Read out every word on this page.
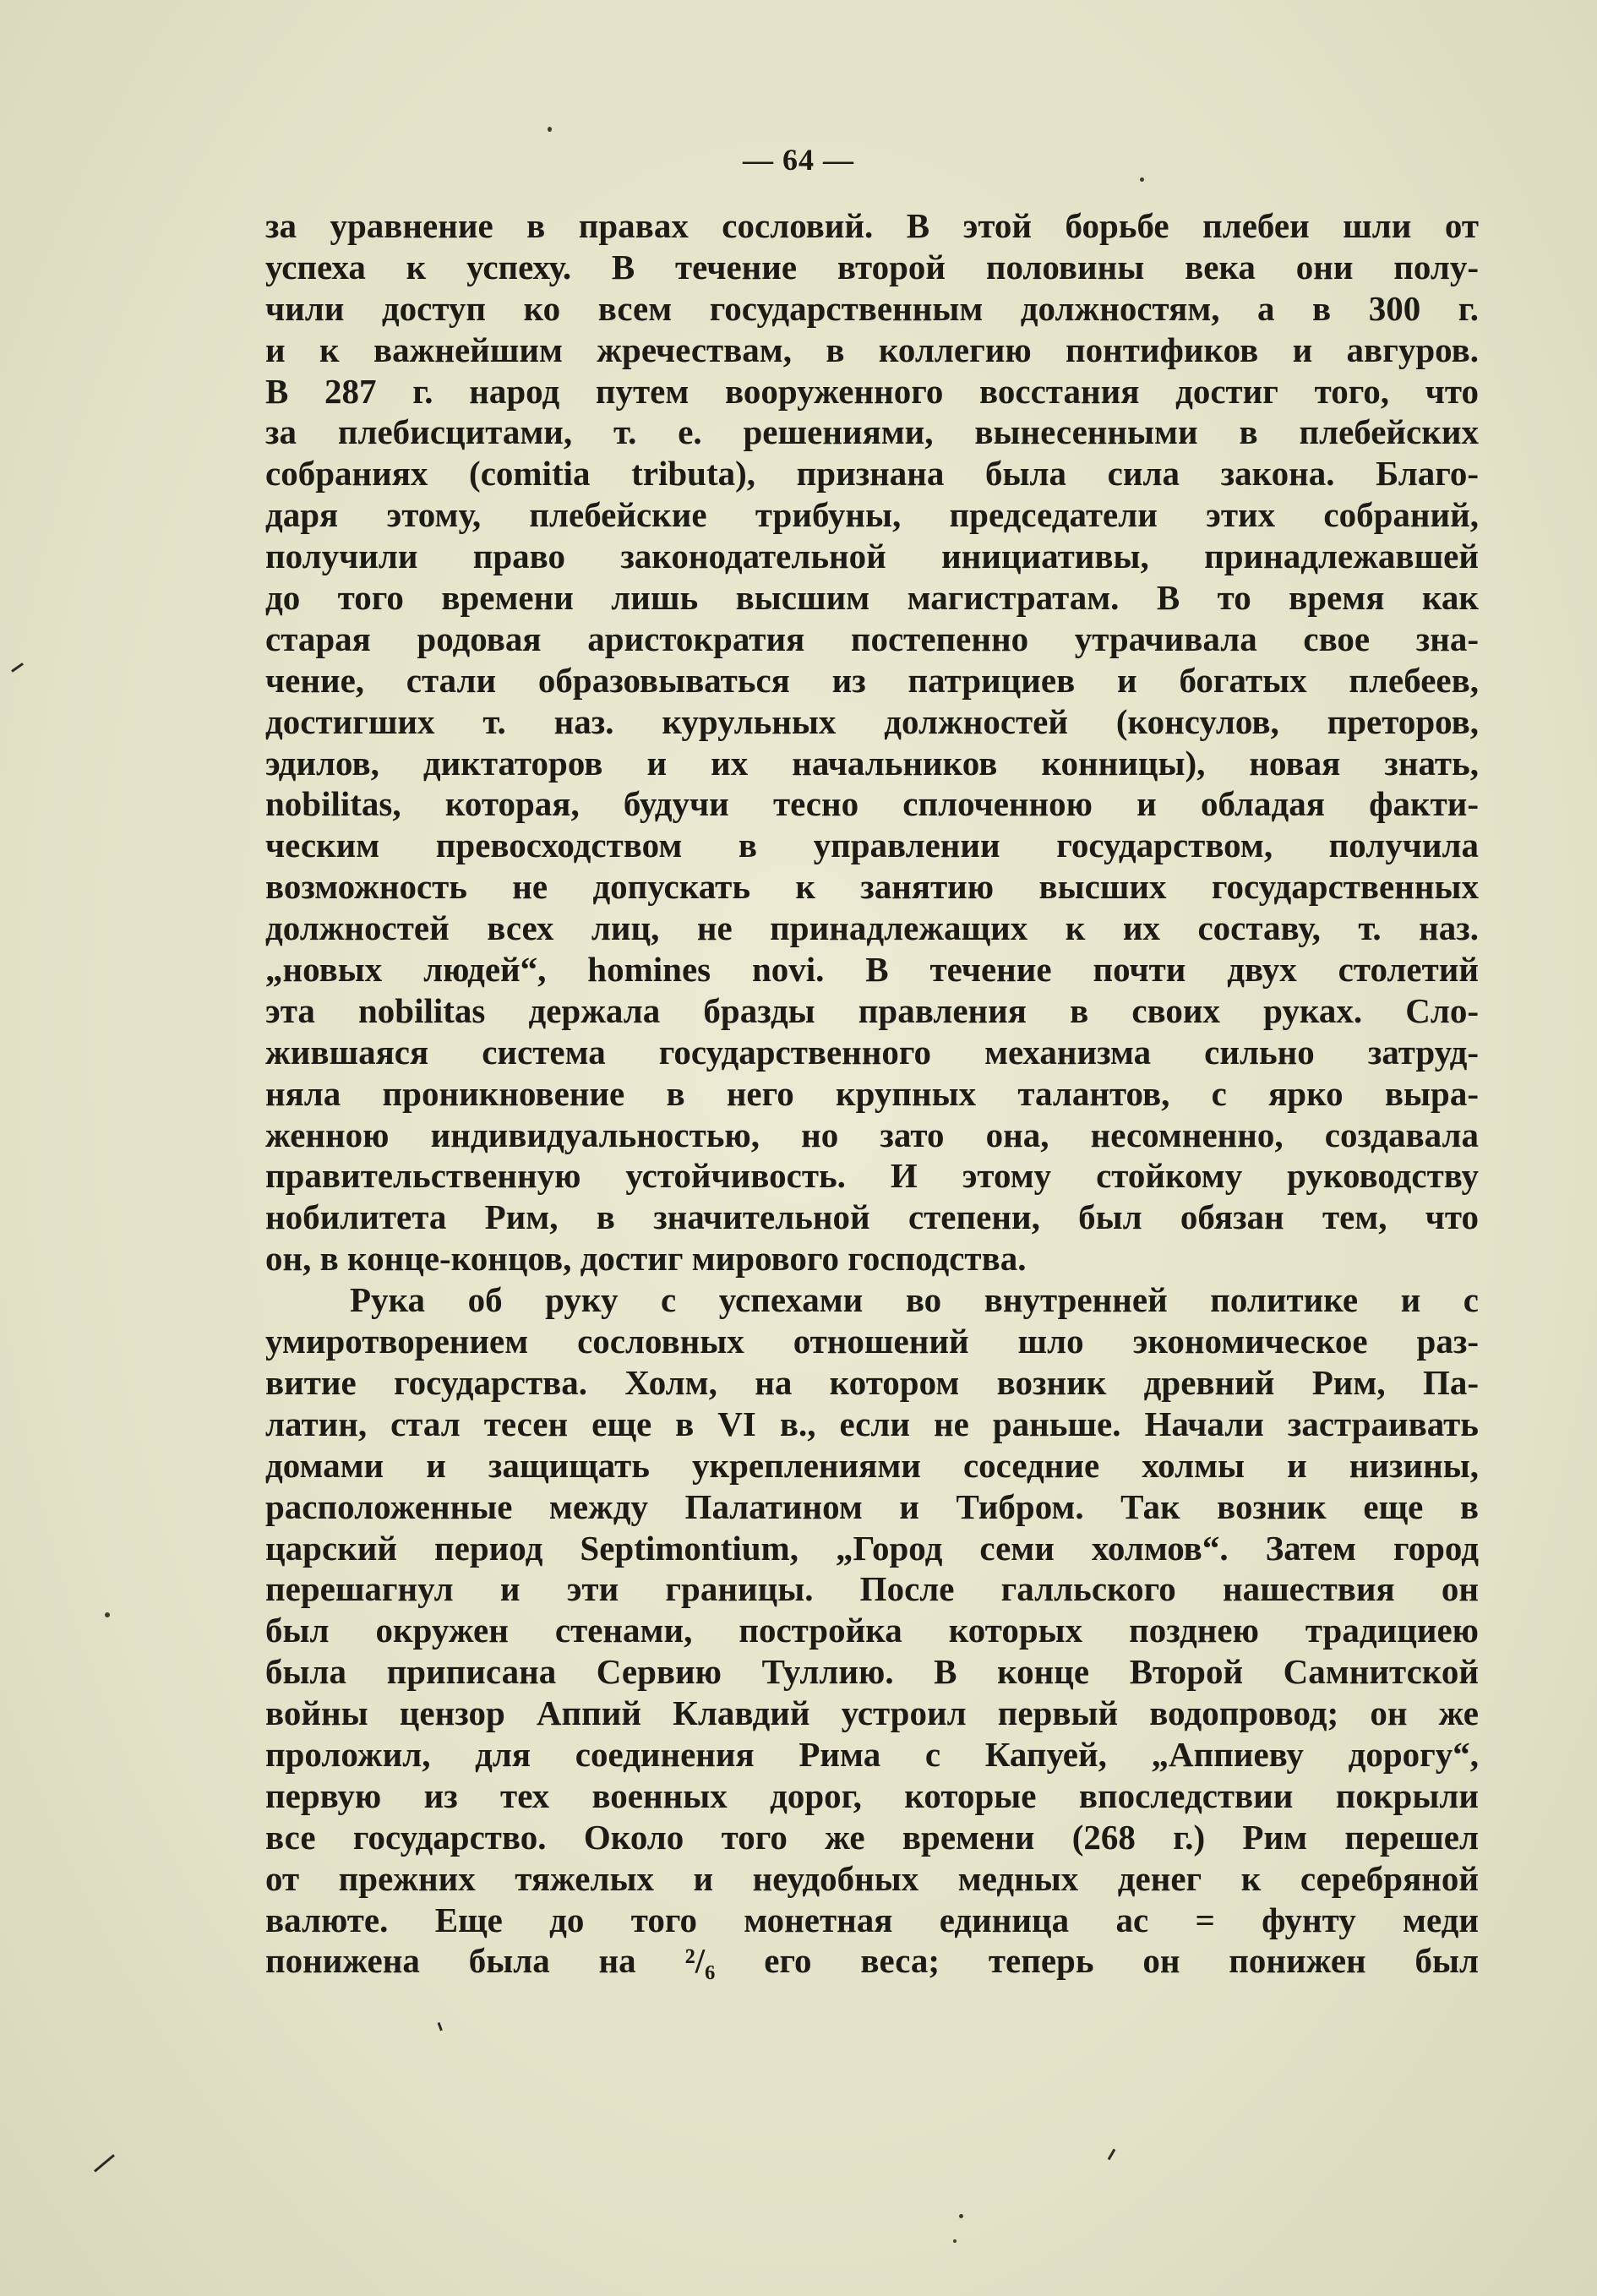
— 64 —
за уравнение в правах сословий. В этой борьбе плебеи шли от
успеха к успеху. В течение второй половины века они полу-
чили доступ ко всем государственным должностям, а в 300 г.
и к важнейшим жречествам, в коллегию понтификов и авгуров.
В 287 г. народ путем вооруженного восстания достиг того, что
за плебисцитами, т. е. решениями, вынесенными в плебейских
собраниях (comitia tributa), признана была сила закона. Благо-
даря этому, плебейские трибуны, председатели этих собраний,
получили право законодательной инициативы, принадлежавшей
до того времени лишь высшим магистратам. В то время как
старая родовая аристократия постепенно утрачивала свое зна-
чение, стали образовываться из патрициев и богатых плебеев,
достигших т. наз. курульных должностей (консулов, преторов,
эдилов, диктаторов и их начальников конницы), новая знать,
nobilitas, которая, будучи тесно сплоченною и обладая факти-
ческим превосходством в управлении государством, получила
возможность не допускать к занятию высших государственных
должностей всех лиц, не принадлежащих к их составу, т. наз.
„новых людей“, homines novi. В течение почти двух столетий
эта nobilitas держала бразды правления в своих руках. Сло-
жившаяся система государственного механизма сильно затруд-
няла проникновение в него крупных талантов, с ярко выра-
женною индивидуальностью, но зато она, несомненно, создавала
правительственную устойчивость. И этому стойкому руководству
нобилитета Рим, в значительной степени, был обязан тем, что
он, в конце-концов, достиг мирового господства.
Рука об руку с успехами во внутренней политике и с
умиротворением сословных отношений шло экономическое раз-
витие государства. Холм, на котором возник древний Рим, Па-
латин, стал тесен еще в VI в., если не раньше. Начали застраивать
домами и защищать укреплениями соседние холмы и низины,
расположенные между Палатином и Тибром. Так возник еще в
царский период Septimontium, „Город семи холмов“. Затем город
перешагнул и эти границы. После галльского нашествия он
был окружен стенами, постройка которых позднею традициею
была приписана Сервию Туллию. В конце Второй Самнитской
войны цензор Аппий Клавдий устроил первый водопровод; он же
проложил, для соединения Рима с Капуей, „Аппиеву дорогу“,
первую из тех военных дорог, которые впоследствии покрыли
все государство. Около того же времени (268 г.) Рим перешел
от прежних тяжелых и неудобных медных денег к серебряной
валюте. Еще до того монетная единица ас = фунту меди
понижена была на ²/₆ его веса; теперь он понижен был
